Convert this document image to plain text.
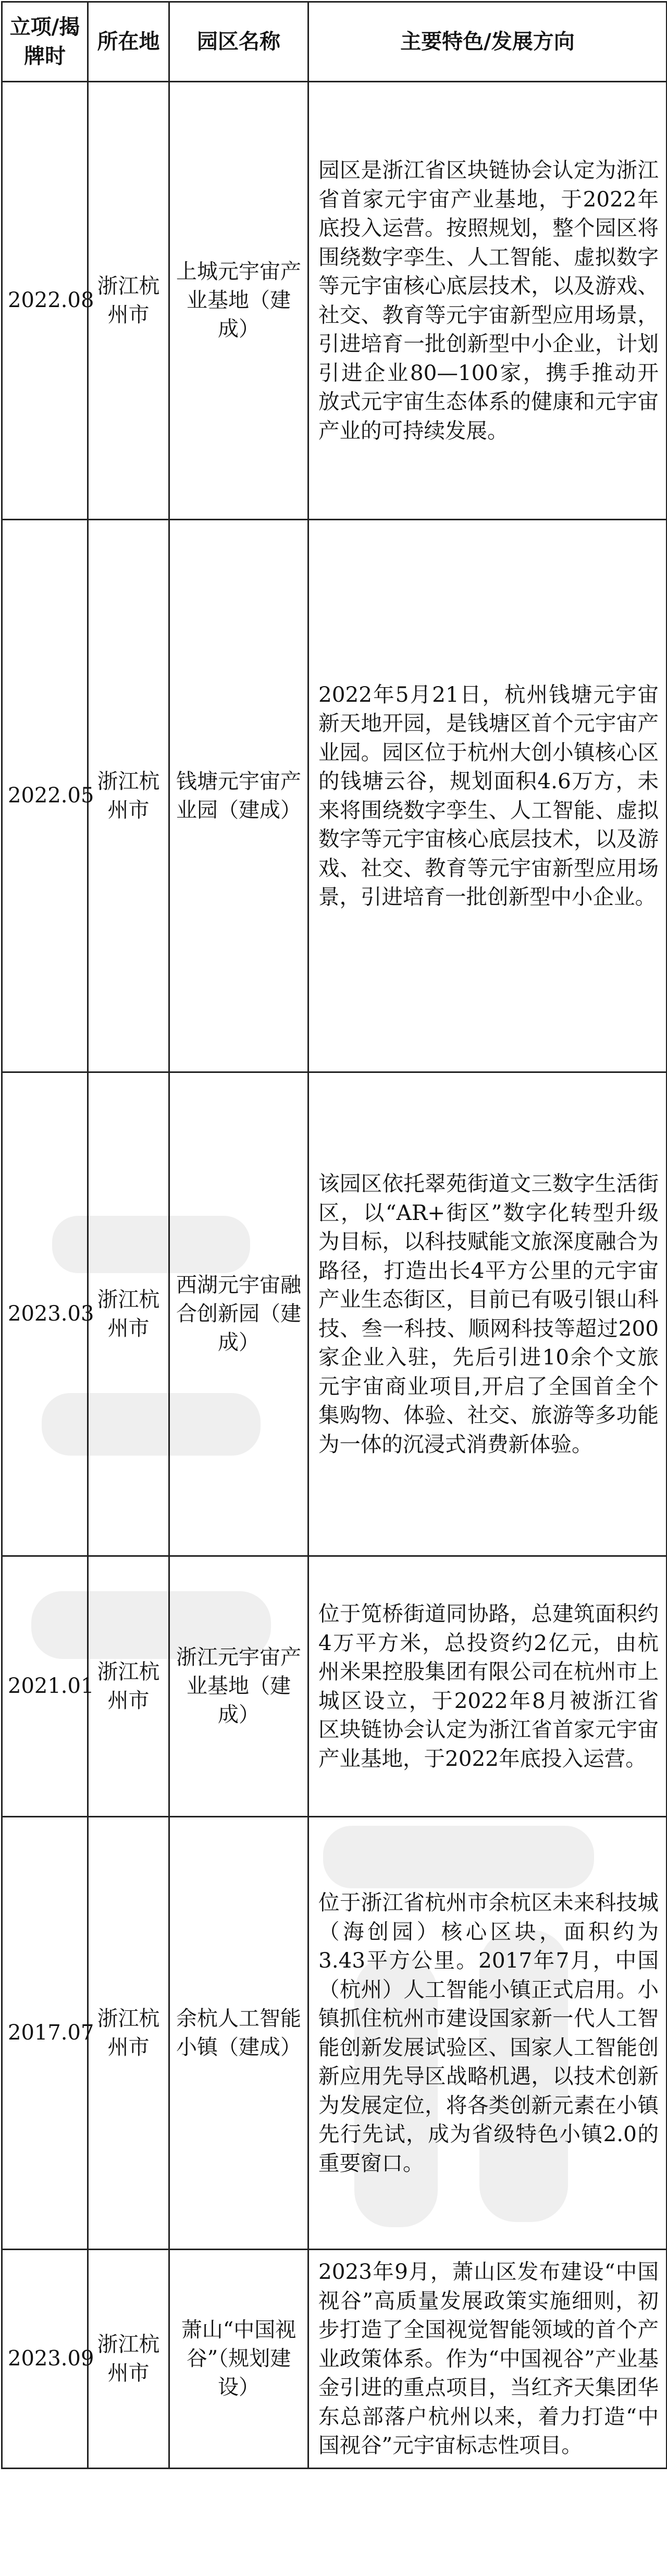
立项/揭牌时	所在地	园区名称	主要特色/发展方向

2022.08	浙江杭州市	上城元宇宙产业基地（建成）	园区是浙江省区块链协会认定为浙江省首家元宇宙产业基地，于2022年底投入运营。按照规划，整个园区将围绕数字孪生、人工智能、虚拟数字等元宇宙核心底层技术，以及游戏、社交、教育等元宇宙新型应用场景，引进培育一批创新型中小企业，计划引进企业80—100家，携手推动开放式元宇宙生态体系的健康和元宇宙产业的可持续发展。

2022.05	浙江杭州市	钱塘元宇宙产业园（建成）	2022年5月21日，杭州钱塘元宇宙新天地开园，是钱塘区首个元宇宙产业园。园区位于杭州大创小镇核心区的钱塘云谷，规划面积4.6万方，未来将围绕数字孪生、人工智能、虚拟数字等元宇宙核心底层技术，以及游戏、社交、教育等元宇宙新型应用场景，引进培育一批创新型中小企业。

2023.03	浙江杭州市	西湖元宇宙融合创新园（建成）	该园区依托翠苑街道文三数字生活街区，以“AR+街区”数字化转型升级为目标，以科技赋能文旅深度融合为路径，打造出长4平方公里的元宇宙产业生态街区，目前已有吸引银山科技、叁一科技、顺网科技等超过200家企业入驻，先后引进10余个文旅元宇宙商业项目,开启了全国首全个集购物、体验、社交、旅游等多功能为一体的沉浸式消费新体验。

2021.01	浙江杭州市	浙江元宇宙产业基地（建成）	位于笕桥街道同协路，总建筑面积约4万平方米，总投资约2亿元，由杭州米果控股集团有限公司在杭州市上城区设立，于2022年8月被浙江省区块链协会认定为浙江省首家元宇宙产业基地，于2022年底投入运营。

2017.07	浙江杭州市	余杭人工智能小镇（建成）	位于浙江省杭州市余杭区未来科技城（海创园）核心区块，面积约为3.43平方公里。2017年7月，中国（杭州）人工智能小镇正式启用。小镇抓住杭州市建设国家新一代人工智能创新发展试验区、国家人工智能创新应用先导区战略机遇，以技术创新为发展定位，将各类创新元素在小镇先行先试，成为省级特色小镇2.0的重要窗口。

2023.09	浙江杭州市	萧山“中国视谷”（规划建设）	2023年9月，萧山区发布建设“中国视谷”高质量发展政策实施细则，初步打造了全国视觉智能领域的首个产业政策体系。作为“中国视谷”产业基金引进的重点项目，当红齐天集团华东总部落户杭州以来，着力打造“中国视谷”元宇宙标志性项目。
